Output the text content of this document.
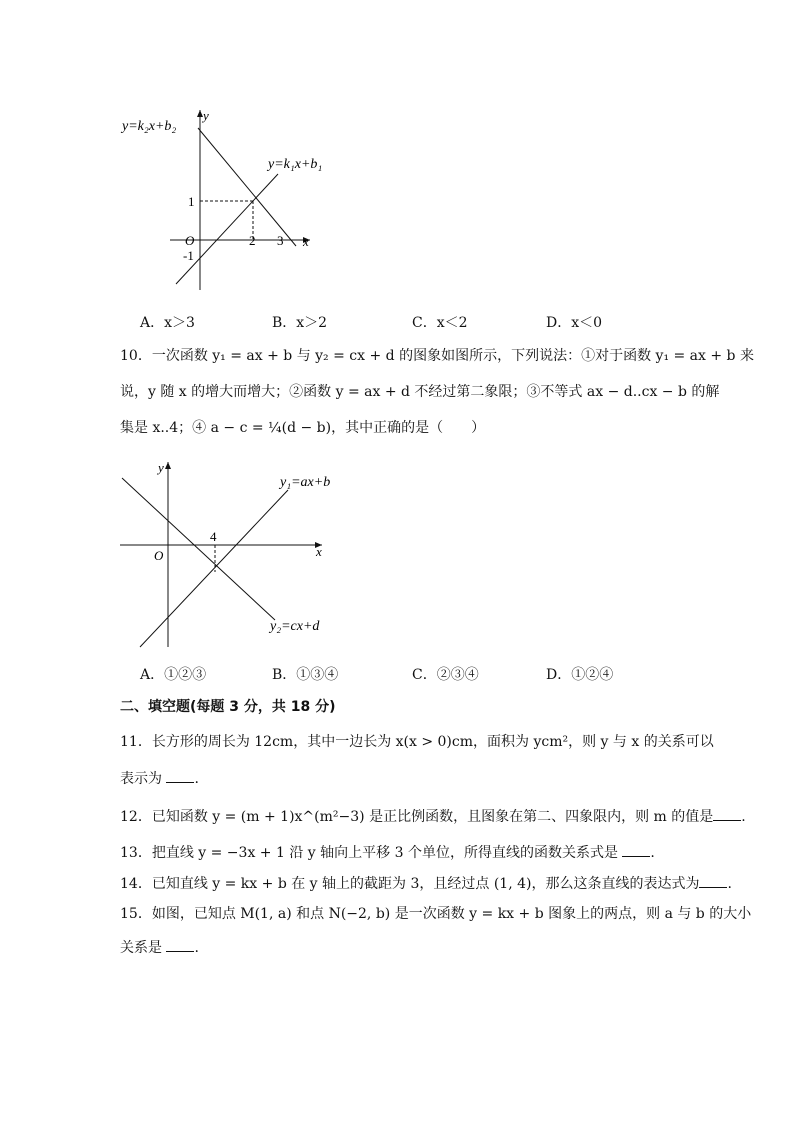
y=k₂x+b₂
y=k₁x+b₁
y
x
O
1
-1
2 3
A．x＞3	B．x＞2	C．x＜2	D．x＜0
10．一次函数 y₁ = ax + b 与 y₂ = cx + d 的图象如图所示，下列说法：①对于函数 y₁ = ax + b 来
说，y 随 x 的增大而增大；②函数 y = ax + d 不经过第二象限；③不等式 ax − d..cx − b 的解
集是 x..4；④ a − c = ¼(d − b)，其中正确的是（　　）
y
x
O
4
y₁=ax+b
y₂=cx+d
A．①②③	B．①③④	C．②③④	D．①②④
二、填空题(每题 3 分，共 18 分)
11．长方形的周长为 12cm，其中一边长为 x(x > 0)cm，面积为 ycm²，则 y 与 x 的关系可以
表示为 .
12．已知函数 y = (m + 1)x^(m²−3) 是正比例函数，且图象在第二、四象限内，则 m 的值是 .
13．把直线 y = −3x + 1 沿 y 轴向上平移 3 个单位，所得直线的函数关系式是 .
14．已知直线 y = kx + b 在 y 轴上的截距为 3，且经过点 (1, 4)，那么这条直线的表达式为 .
15．如图，已知点 M(1, a) 和点 N(−2, b) 是一次函数 y = kx + b 图象上的两点，则 a 与 b 的大小
关系是 .
